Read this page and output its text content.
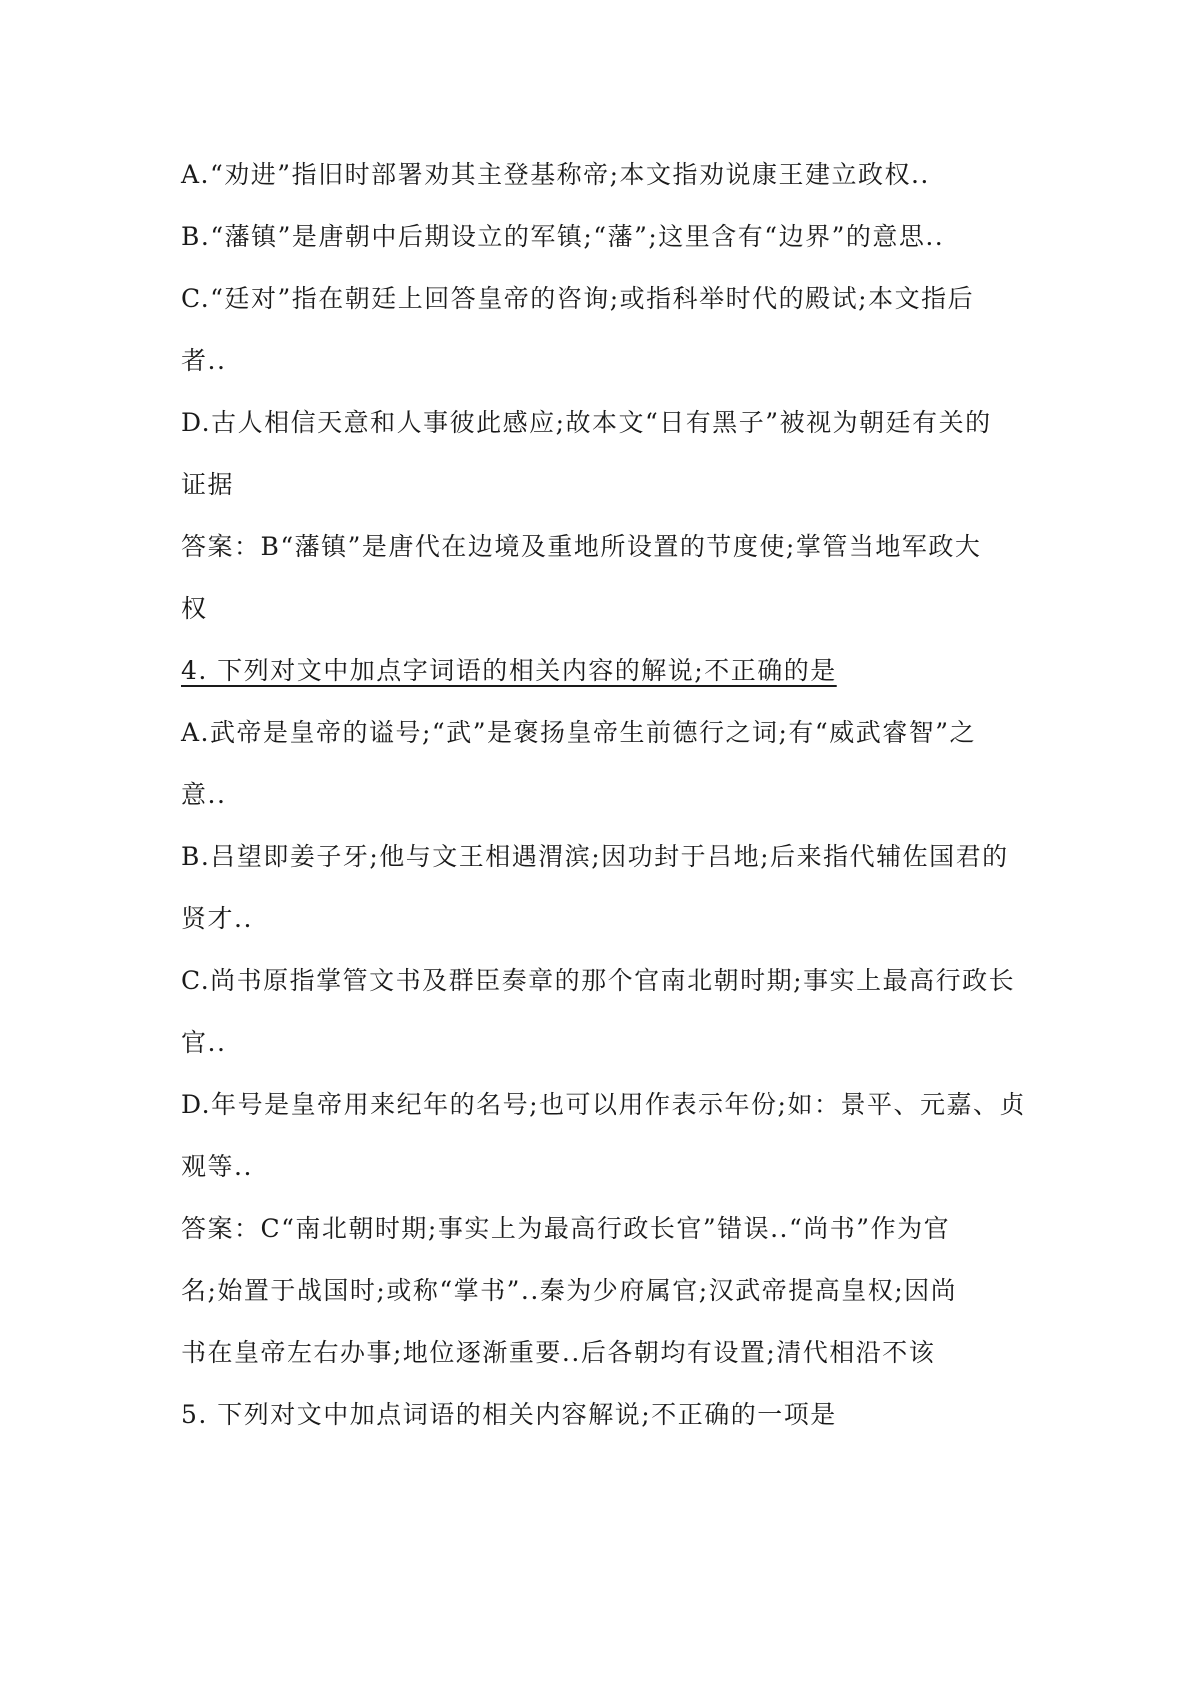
A.“劝进”指旧时部署劝其主登基称帝;本文指劝说康王建立政权..
B.“藩镇”是唐朝中后期设立的军镇;“藩”;这里含有“边界”的意思..
C.“廷对”指在朝廷上回答皇帝的咨询;或指科举时代的殿试;本文指后
者..
D.古人相信天意和人事彼此感应;故本文“日有黑子”被视为朝廷有关的
证据
答案：B“藩镇”是唐代在边境及重地所设置的节度使;掌管当地军政大
权
4. 下列对文中加点字词语的相关内容的解说;不正确的是
A.武帝是皇帝的谥号;“武”是褒扬皇帝生前德行之词;有“威武睿智”之
意..
B.吕望即姜子牙;他与文王相遇渭滨;因功封于吕地;后来指代辅佐国君的
贤才..
C.尚书原指掌管文书及群臣奏章的那个官南北朝时期;事实上最高行政长
官..
D.年号是皇帝用来纪年的名号;也可以用作表示年份;如：景平、元嘉、贞
观等..
答案：C“南北朝时期;事实上为最高行政长官”错误..“尚书”作为官
名;始置于战国时;或称“掌书”..秦为少府属官;汉武帝提高皇权;因尚
书在皇帝左右办事;地位逐渐重要..后各朝均有设置;清代相沿不该
5. 下列对文中加点词语的相关内容解说;不正确的一项是
